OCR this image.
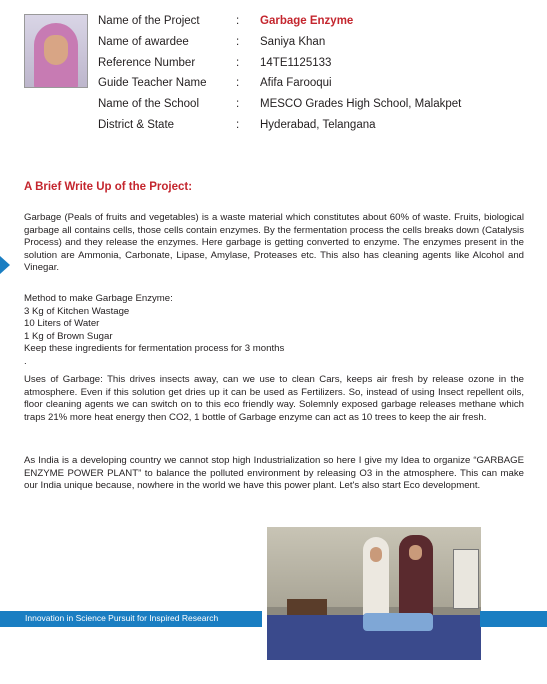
Name of the Project	: Garbage Enzyme
Name of awardee	: Saniya Khan
Reference Number	: 14TE1125133
Guide Teacher Name	: Afifa Farooqui
Name of the School	: MESCO Grades High School, Malakpet
District & State	: Hyderabad, Telangana
A Brief Write Up of the Project:

Garbage (Peals of fruits and vegetables) is a waste material which constitutes about 60% of waste. Fruits, biological garbage all contains cells, those cells contain enzymes. By the fermentation process the cells breaks down (Catalysis Process) and they release the enzymes. Here garbage is getting converted to enzyme. The enzymes present in the solution are Ammonia, Carbonate, Lipase, Amylase, Proteases etc. This also has cleaning agents like Alcohol and Vinegar.

Method to make Garbage Enzyme:
3 Kg of Kitchen Wastage
10 Liters of Water
1 Kg of Brown Sugar
Keep these ingredients for fermentation process for 3 months
.

Uses of Garbage: This drives insects away, can we use to clean Cars, keeps air fresh by release ozone in the atmosphere. Even if this solution get dries up it can be used as Fertilizers. So, instead of using Insect repellent oils, floor cleaning agents we can switch on to this eco friendly way. Solemnly exposed garbage releases methane which traps 21% more heat energy then CO2, 1 bottle of Garbage enzyme can act as 10 trees to keep the air fresh.

As India is a developing country we cannot stop high Industrialization so here I give my Idea to organize “GARBAGE ENZYME POWER PLANT” to balance the polluted environment by releasing O3 in the atmosphere. This can make our India unique because, nowhere in the world we have this power plant. Let's also start Eco development.

Innovation in Science Pursuit for Inspired Research
